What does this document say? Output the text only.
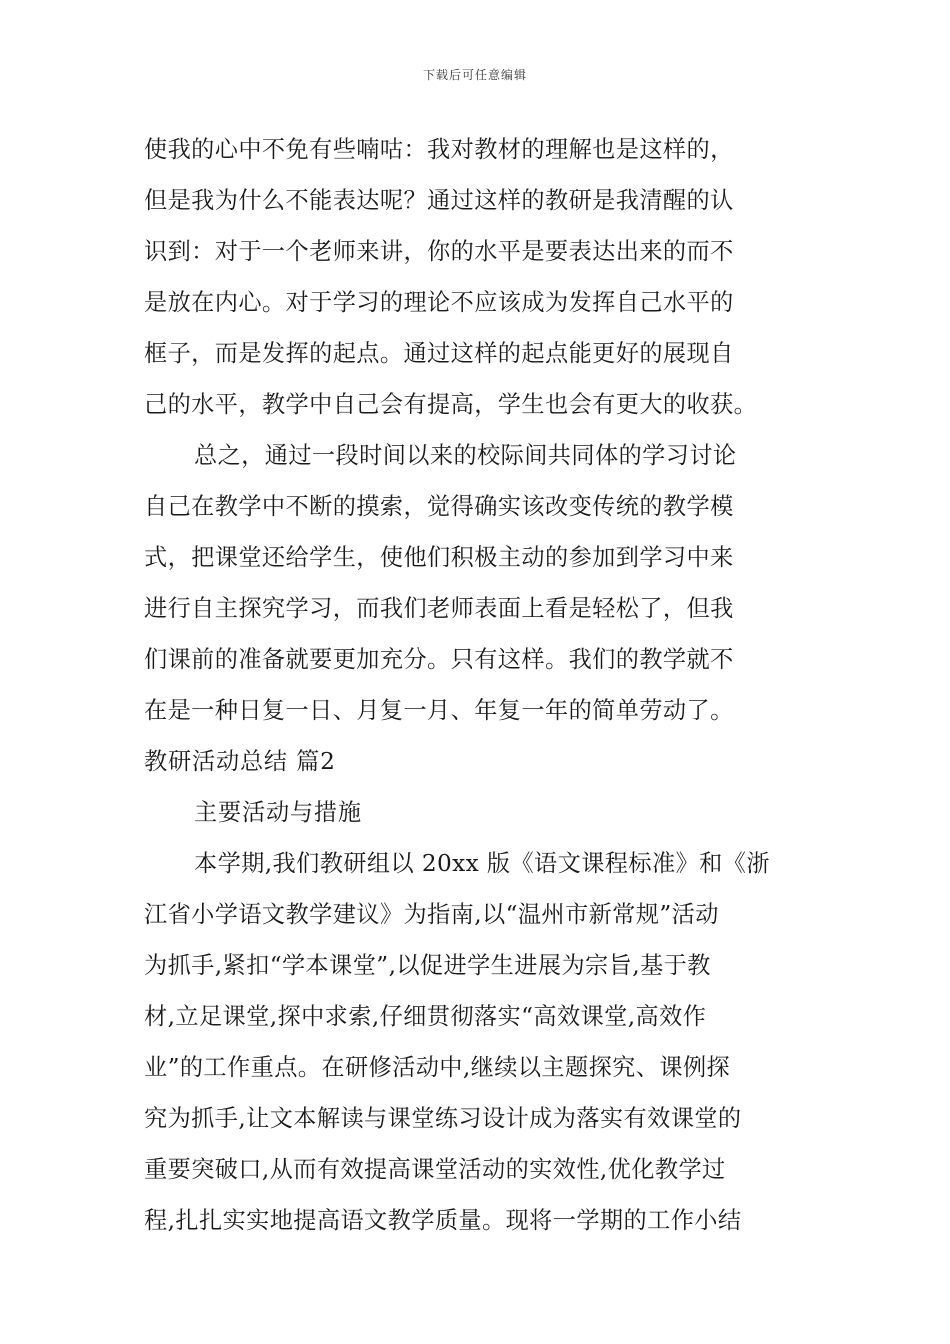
下载后可任意编辑
使我的心中不免有些喃咕：我对教材的理解也是这样的，
但是我为什么不能表达呢？通过这样的教研是我清醒的认
识到：对于一个老师来讲，你的水平是要表达出来的而不
是放在内心。对于学习的理论不应该成为发挥自己水平的
框子，而是发挥的起点。通过这样的起点能更好的展现自
己的水平，教学中自己会有提高，学生也会有更大的收获。
总之，通过一段时间以来的校际间共同体的学习讨论
自己在教学中不断的摸索，觉得确实该改变传统的教学模
式，把课堂还给学生，使他们积极主动的参加到学习中来
进行自主探究学习，而我们老师表面上看是轻松了，但我
们课前的准备就要更加充分。只有这样。我们的教学就不
在是一种日复一日、月复一月、年复一年的简单劳动了。
教研活动总结 篇2
主要活动与措施
本学期,我们教研组以 20xx 版《语文课程标准》和《浙
江省小学语文教学建议》为指南,以“温州市新常规”活动
为抓手,紧扣“学本课堂”,以促进学生进展为宗旨,基于教
材,立足课堂,探中求索,仔细贯彻落实“高效课堂,高效作
业”的工作重点。在研修活动中,继续以主题探究、课例探
究为抓手,让文本解读与课堂练习设计成为落实有效课堂的
重要突破口,从而有效提高课堂活动的实效性,优化教学过
程,扎扎实实地提高语文教学质量。现将一学期的工作小结
